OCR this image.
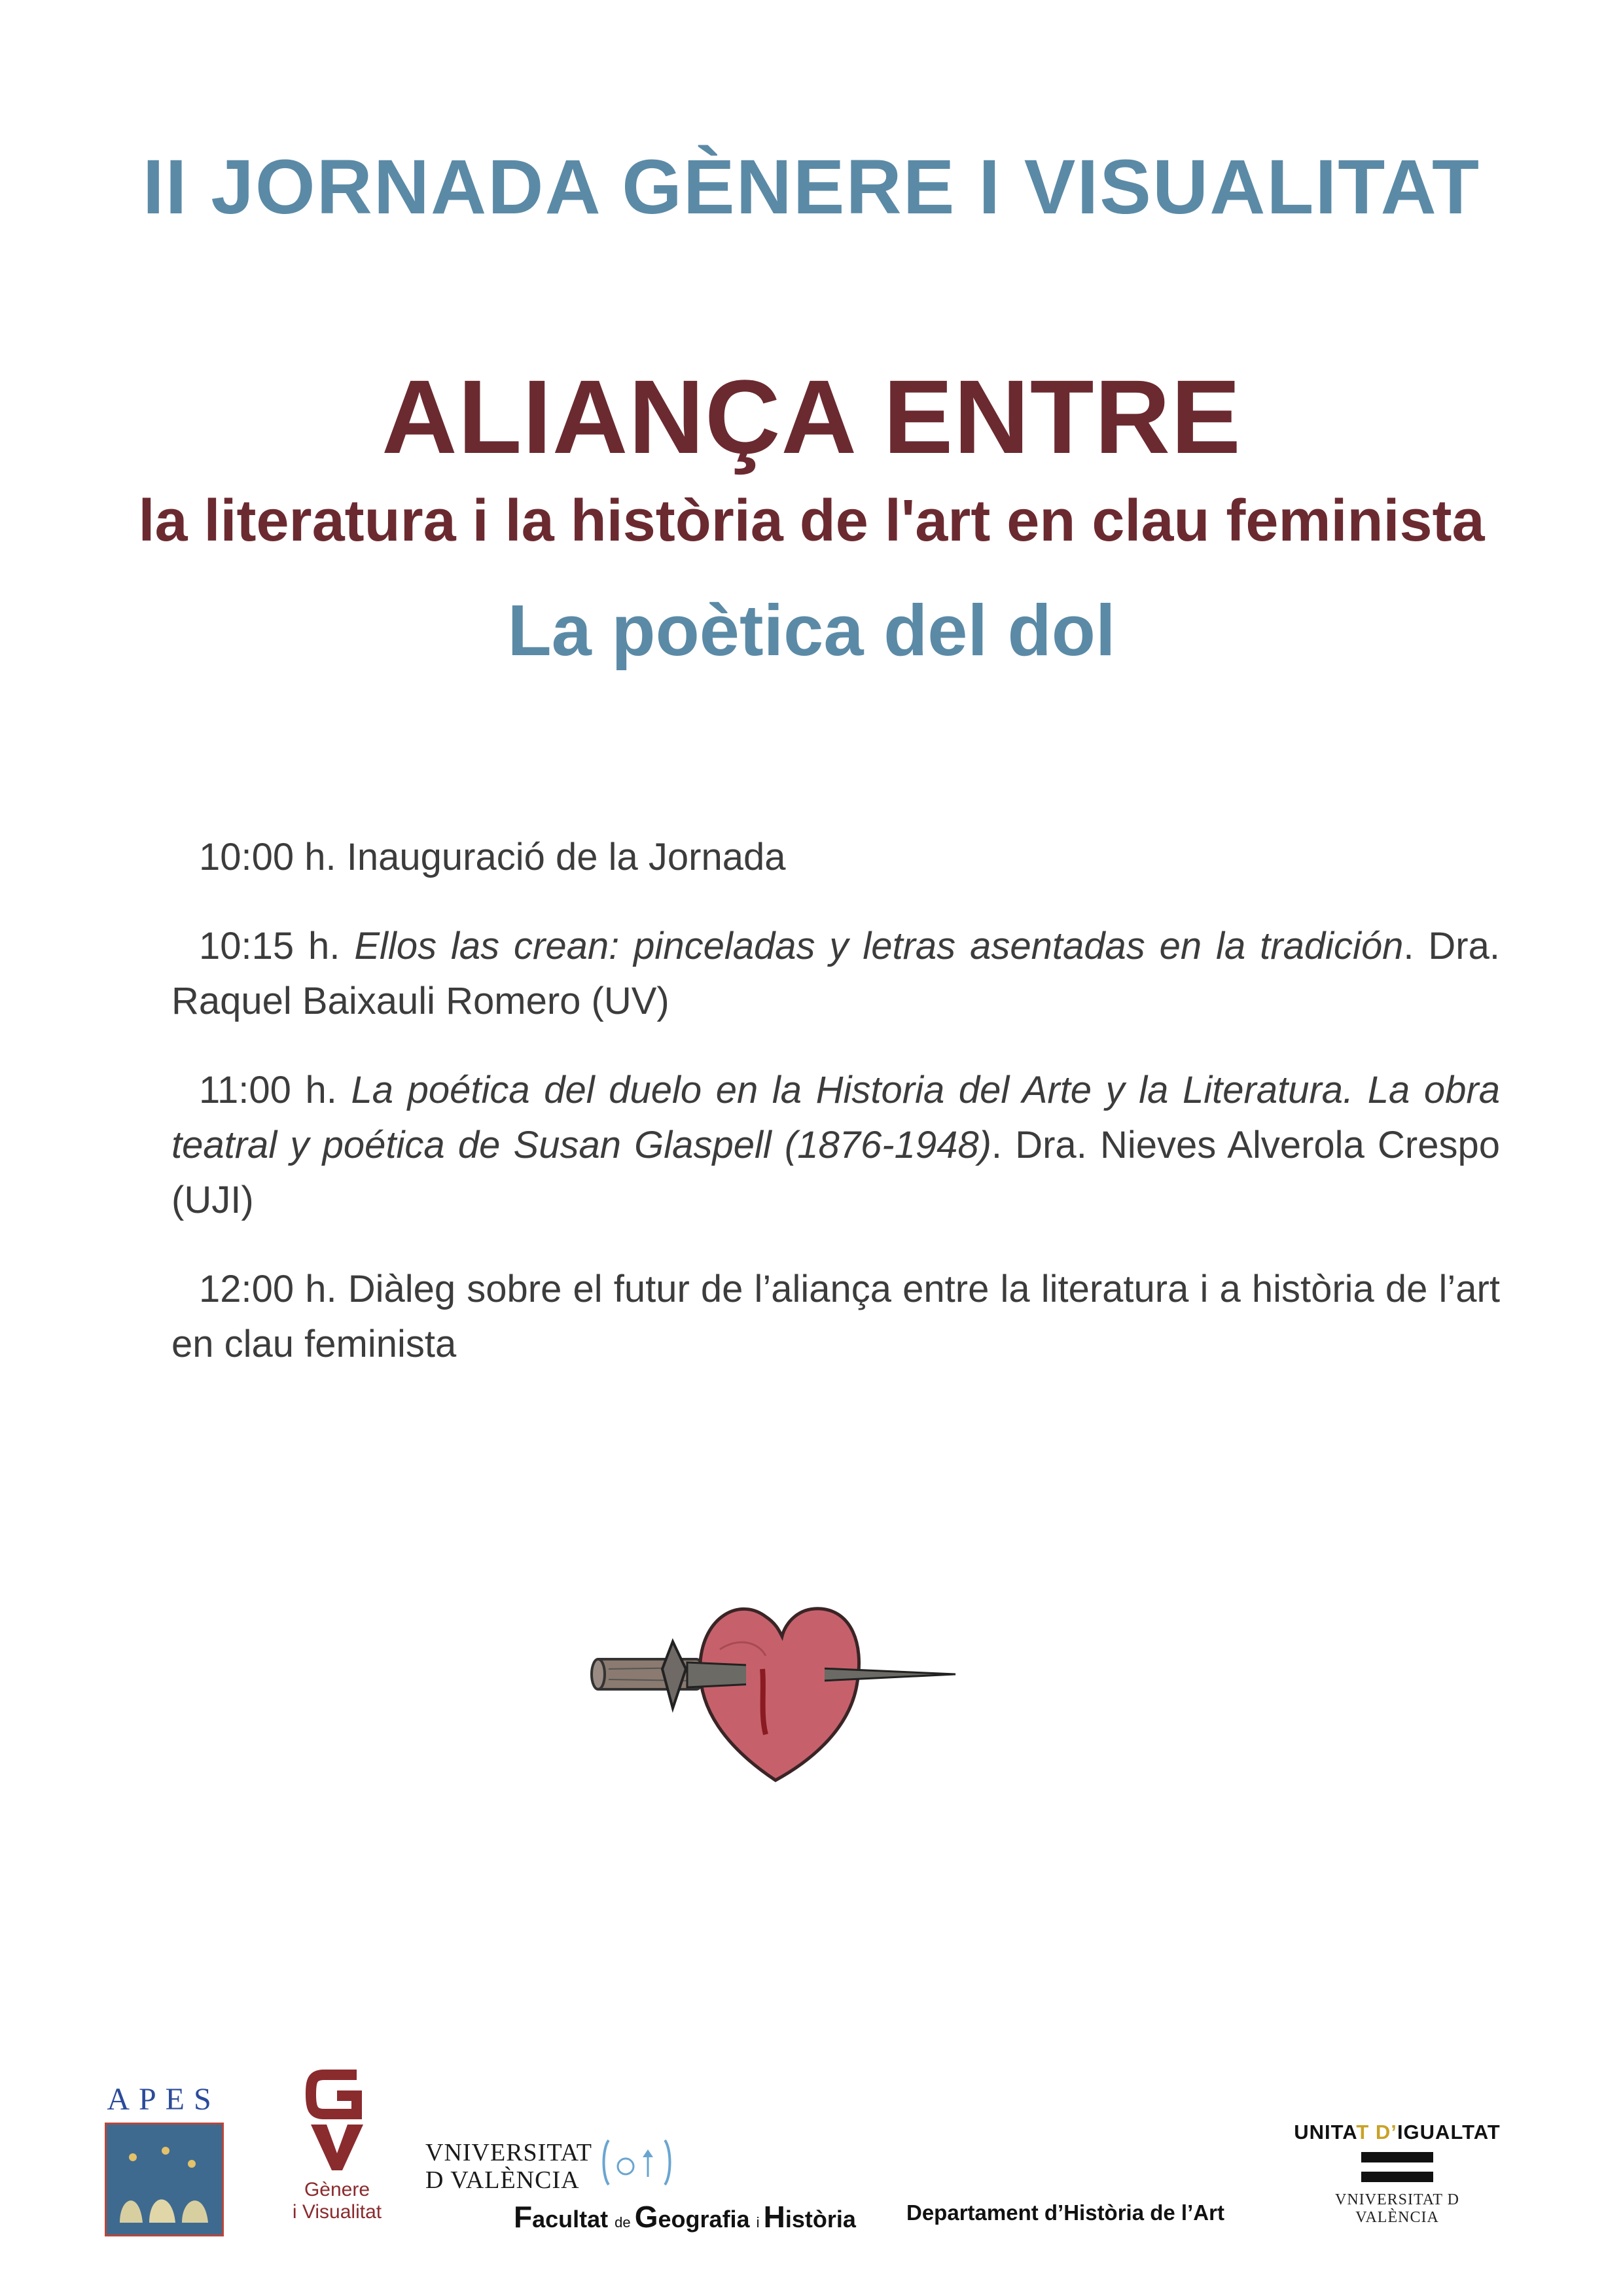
II JORNADA GÈNERE I VISUALITAT
ALIANÇA ENTRE
la literatura i la història de l'art en clau feminista
La poètica del dol
10:00 h. Inauguració de la Jornada
10:15 h. Ellos las crean: pinceladas y letras asentadas en la tradición. Dra. Raquel Baixauli Romero (UV)
11:00 h. La poética del duelo en la Historia del Arte y la Literatura. La obra teatral y poética de Susan Glaspell (1876-1948). Dra. Nieves Alverola Crespo (UJI)
12:00 h. Diàleg sobre el futur de l’aliança entre la literatura i a història de l’art en clau feminista
APES
Gènere
i Visualitat
VNIVERSITAT
D VALÈNCIA
Facultat de Geografia i Història Departament d’Història de l’Art
UNITAT D’IGUALTAT
VNIVERSITAT D VALÈNCIA
